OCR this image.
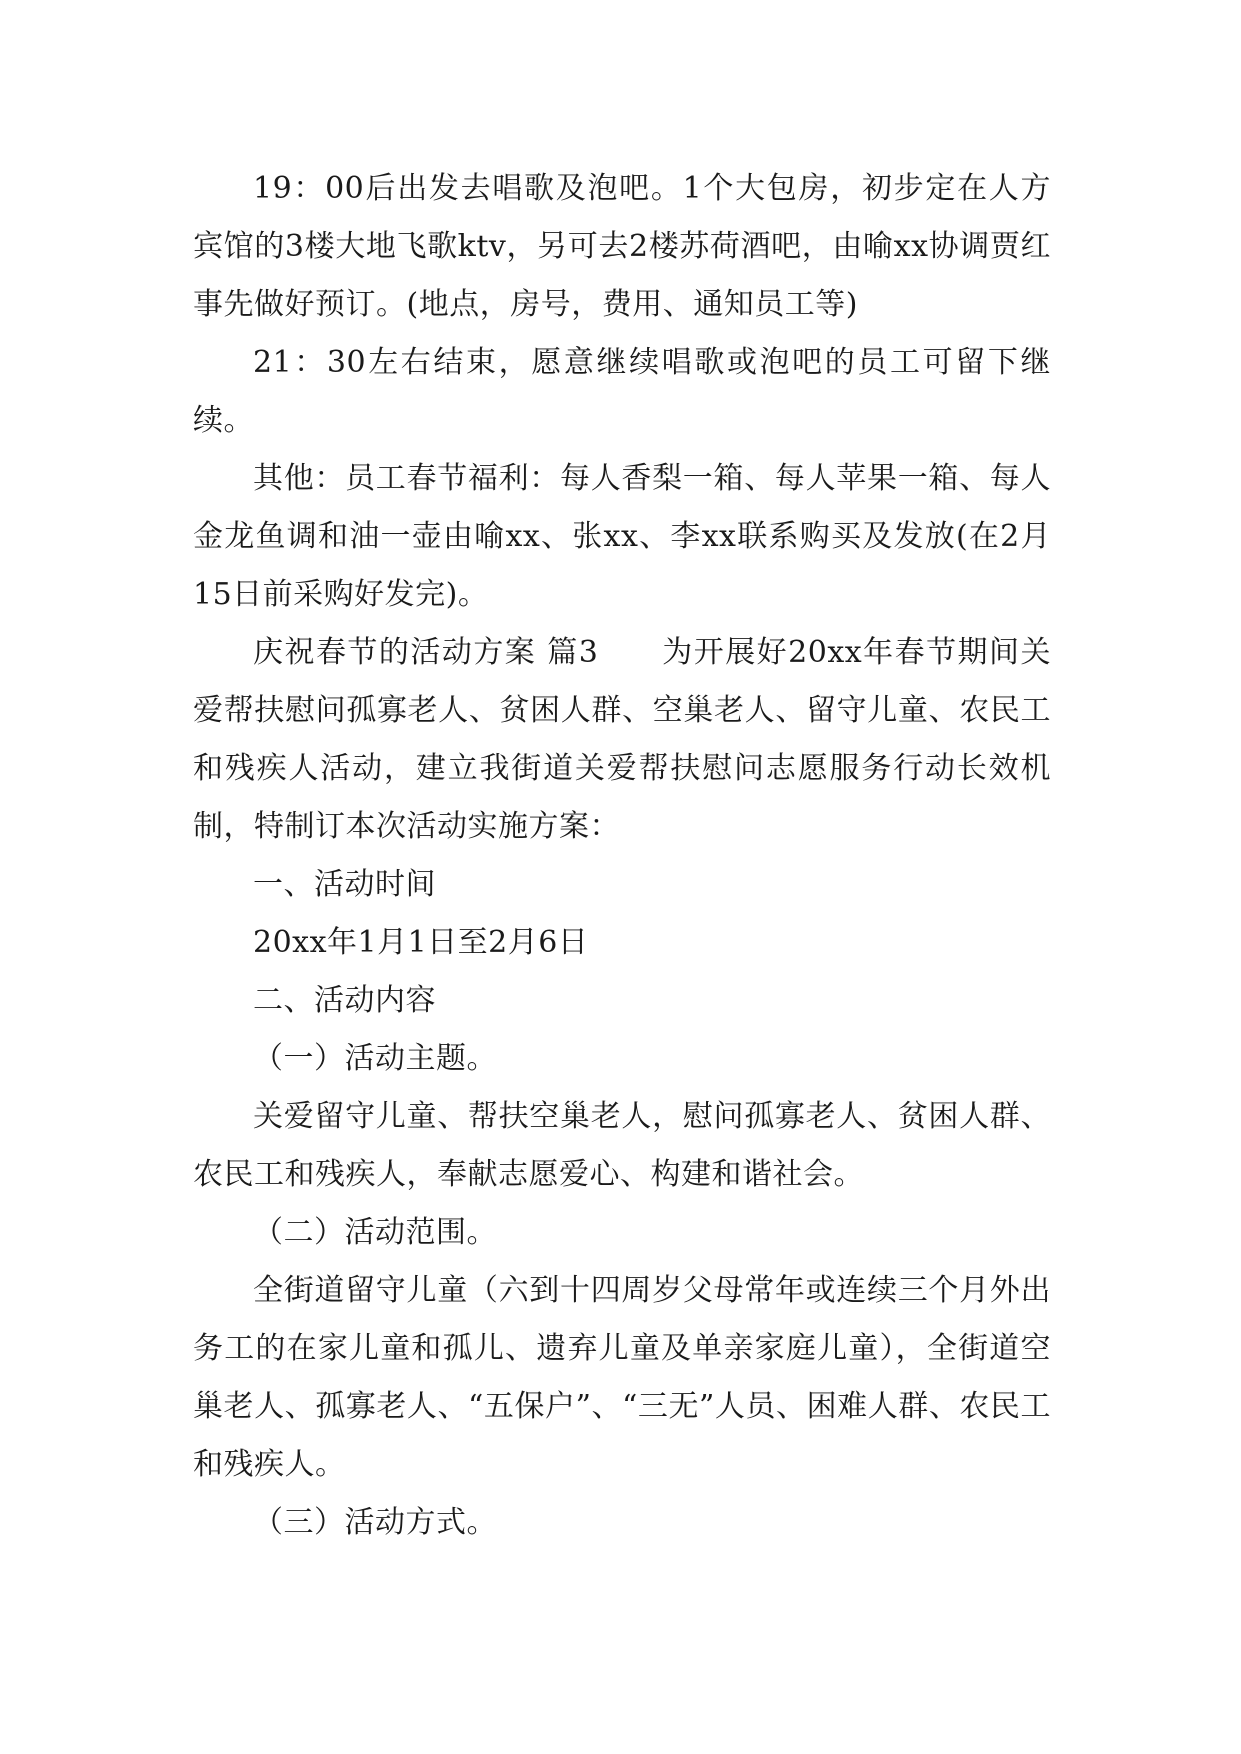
19：00后出发去唱歌及泡吧。1个大包房，初步定在人方宾馆的3楼大地飞歌ktv，另可去2楼苏荷酒吧，由喻xx协调贾红事先做好预订。(地点，房号，费用、通知员工等)

21：30左右结束，愿意继续唱歌或泡吧的员工可留下继续。

其他：员工春节福利：每人香梨一箱、每人苹果一箱、每人金龙鱼调和油一壶由喻xx、张xx、李xx联系购买及发放(在2月15日前采购好发完)。

庆祝春节的活动方案 篇3　　为开展好20xx年春节期间关爱帮扶慰问孤寡老人、贫困人群、空巢老人、留守儿童、农民工和残疾人活动，建立我街道关爱帮扶慰问志愿服务行动长效机制，特制订本次活动实施方案：

一、活动时间

20xx年1月1日至2月6日

二、活动内容

（一）活动主题。

关爱留守儿童、帮扶空巢老人，慰问孤寡老人、贫困人群、农民工和残疾人，奉献志愿爱心、构建和谐社会。

（二）活动范围。

全街道留守儿童（六到十四周岁父母常年或连续三个月外出务工的在家儿童和孤儿、遗弃儿童及单亲家庭儿童），全街道空巢老人、孤寡老人、“五保户”、“三无”人员、困难人群、农民工和残疾人。

（三）活动方式。
